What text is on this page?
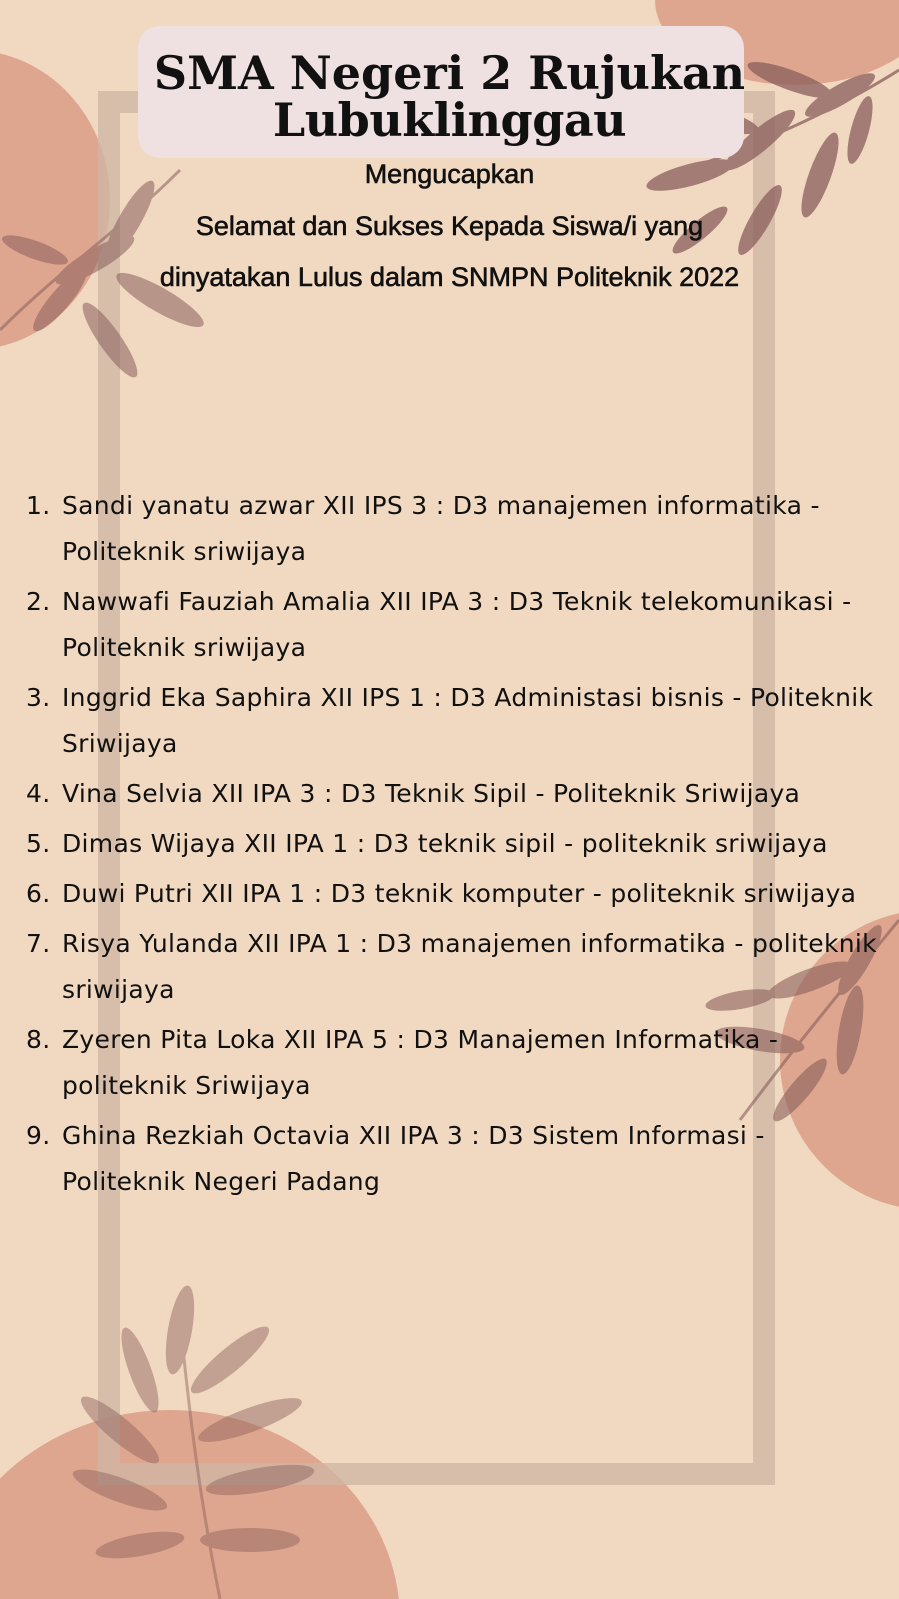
SMA Negeri 2 Rujukan
Lubuklinggau
Mengucapkan
Selamat dan Sukses Kepada Siswa/i yang
dinyatakan Lulus dalam SNMPN Politeknik 2022
1. Sandi yanatu azwar XII IPS 3 : D3 manajemen informatika - Politeknik sriwijaya
2. Nawwafi Fauziah Amalia XII IPA 3 : D3 Teknik telekomunikasi - Politeknik sriwijaya
3. Inggrid Eka Saphira XII IPS 1 : D3 Administasi bisnis - Politeknik Sriwijaya
4. Vina Selvia XII IPA 3 : D3 Teknik Sipil - Politeknik Sriwijaya
5. Dimas Wijaya XII IPA 1 : D3 teknik sipil - politeknik sriwijaya
6. Duwi Putri XII IPA 1 : D3 teknik komputer - politeknik sriwijaya
7. Risya Yulanda XII IPA 1 : D3 manajemen informatika - politeknik sriwijaya
8. Zyeren Pita Loka XII IPA 5 : D3 Manajemen Informatika - politeknik Sriwijaya
9. Ghina Rezkiah Octavia XII IPA 3 : D3 Sistem Informasi - Politeknik Negeri Padang
